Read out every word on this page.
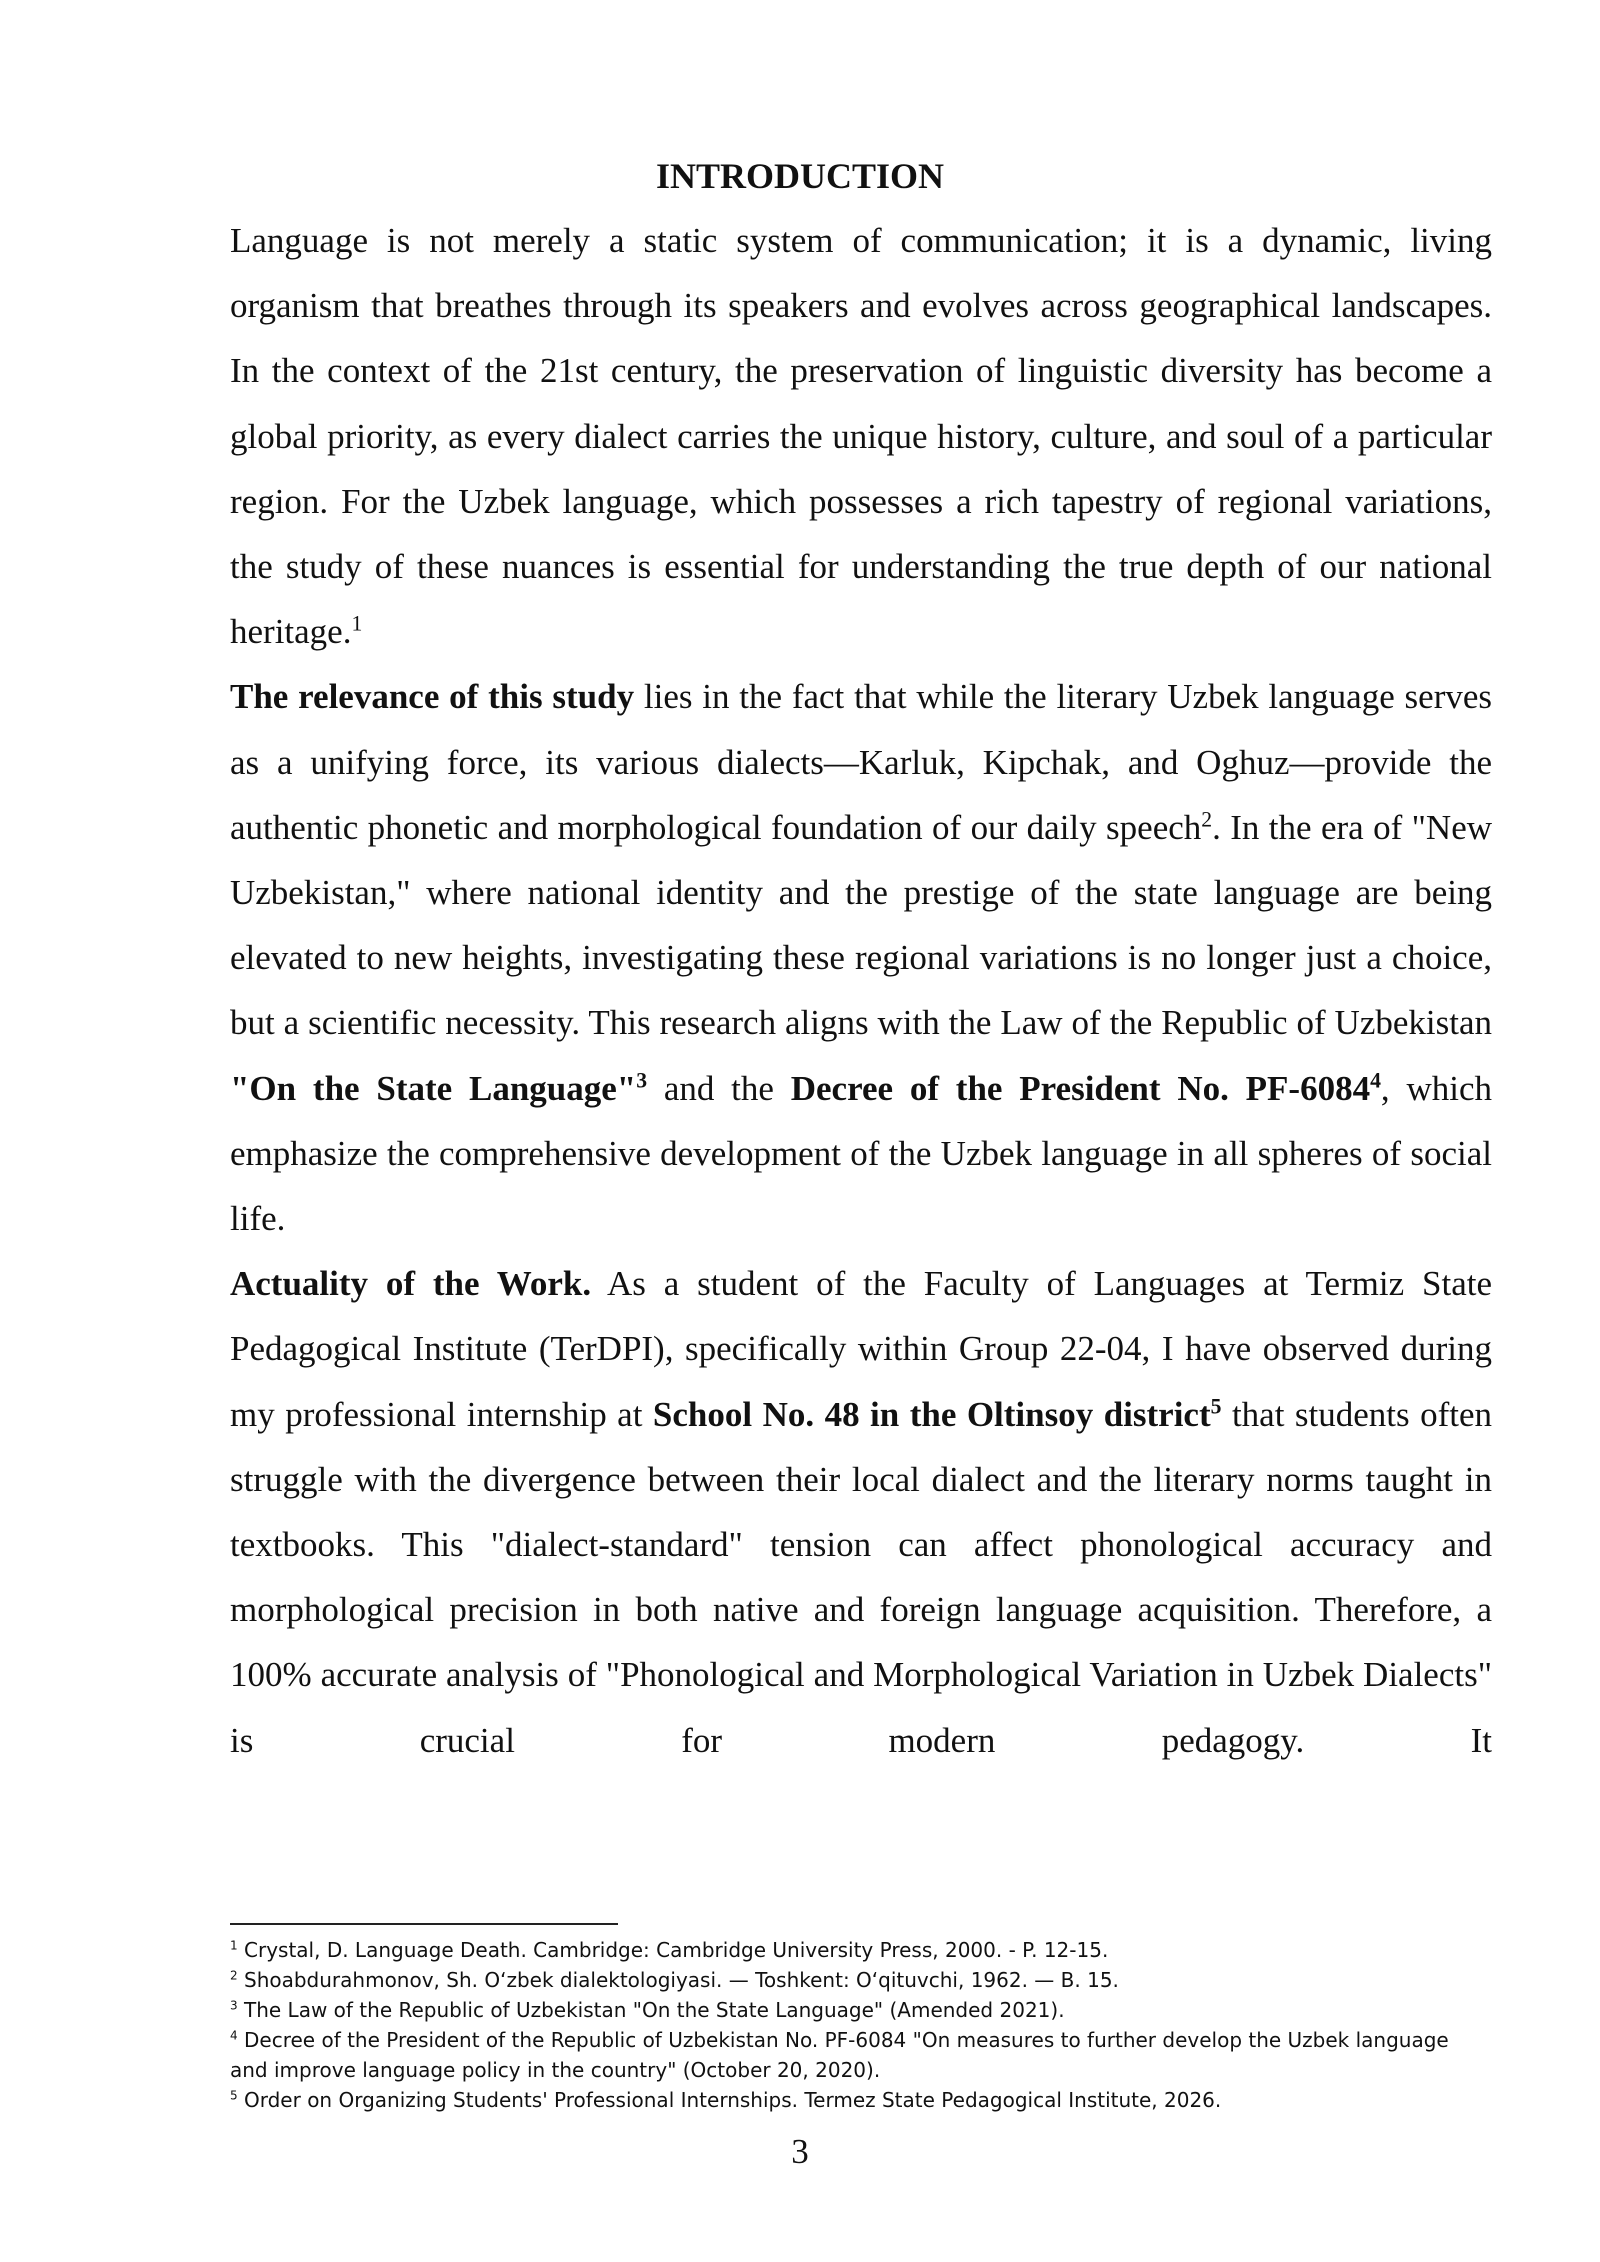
INTRODUCTION

Language is not merely a static system of communication; it is a dynamic, living organism that breathes through its speakers and evolves across geographical landscapes. In the context of the 21st century, the preservation of linguistic diversity has become a global priority, as every dialect carries the unique history, culture, and soul of a particular region. For the Uzbek language, which possesses a rich tapestry of regional variations, the study of these nuances is essential for understanding the true depth of our national heritage.$^1$

The relevance of this study lies in the fact that while the literary Uzbek language serves as a unifying force, its various dialects—Karluk, Kipchak, and Oghuz—provide the authentic phonetic and morphological foundation of our daily speech$^2$. In the era of "New Uzbekistan," where national identity and the prestige of the state language are being elevated to new heights, investigating these regional variations is no longer just a choice, but a scientific necessity. This research aligns with the Law of the Republic of Uzbekistan "On the State Language"$^3$ and the Decree of the President No. PF-6084$^4$, which emphasize the comprehensive development of the Uzbek language in all spheres of social life.

Actuality of the Work. As a student of the Faculty of Languages at Termiz State Pedagogical Institute (TerDPI), specifically within Group 22-04, I have observed during my professional internship at School No. 48 in the Oltinsoy district$^5$ that students often struggle with the divergence between their local dialect and the literary norms taught in textbooks. This "dialect-standard" tension can affect phonological accuracy and morphological precision in both native and foreign language acquisition. Therefore, a 100% accurate analysis of "Phonological and Morphological Variation in Uzbek Dialects" is crucial for modern pedagogy. It

$^1$ Crystal, D. Language Death. Cambridge: Cambridge University Press, 2000. - P. 12-15.
$^2$ Shoabdurahmonov, Sh. O‘zbek dialektologiyasi. — Toshkent: O‘qituvchi, 1962. — B. 15.
$^3$ The Law of the Republic of Uzbekistan "On the State Language" (Amended 2021).
$^4$ Decree of the President of the Republic of Uzbekistan No. PF-6084 "On measures to further develop the Uzbek language and improve language policy in the country" (October 20, 2020).
$^5$ Order on Organizing Students' Professional Internships. Termez State Pedagogical Institute, 2026.
3
